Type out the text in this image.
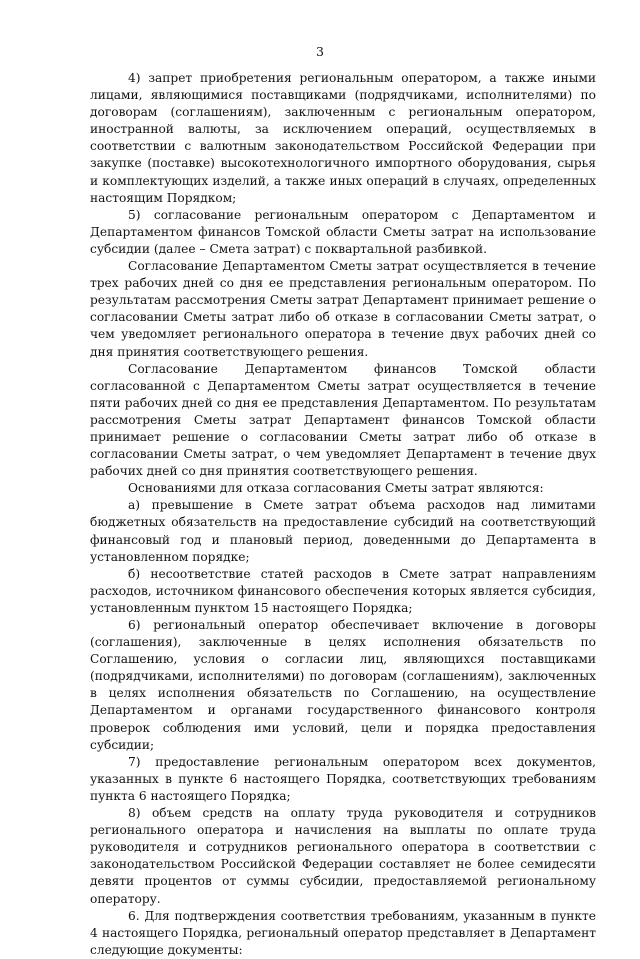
3

4) запрет приобретения региональным оператором, а также иными лицами, являющимися поставщиками (подрядчиками, исполнителями) по договорам (соглашениям), заключенным с региональным оператором, иностранной валюты, за исключением операций, осуществляемых в соответствии с валютным законодательством Российской Федерации при закупке (поставке) высокотехнологичного импортного оборудования, сырья и комплектующих изделий, а также иных операций в случаях, определенных настоящим Порядком;

5) согласование региональным оператором с Департаментом и Департаментом финансов Томской области Сметы затрат на использование субсидии (далее – Смета затрат) с поквартальной разбивкой.

Согласование Департаментом Сметы затрат осуществляется в течение трех рабочих дней со дня ее представления региональным оператором. По результатам рассмотрения Сметы затрат Департамент принимает решение о согласовании Сметы затрат либо об отказе в согласовании Сметы затрат, о чем уведомляет регионального оператора в течение двух рабочих дней со дня принятия соответствующего решения.

Согласование Департаментом финансов Томской области согласованной с Департаментом Сметы затрат осуществляется в течение пяти рабочих дней со дня ее представления Департаментом. По результатам рассмотрения Сметы затрат Департамент финансов Томской области принимает решение о согласовании Сметы затрат либо об отказе в согласовании Сметы затрат, о чем уведомляет Департамент в течение двух рабочих дней со дня принятия соответствующего решения.

Основаниями для отказа согласования Сметы затрат являются:

а) превышение в Смете затрат объема расходов над лимитами бюджетных обязательств на предоставление субсидий на соответствующий финансовый год и плановый период, доведенными до Департамента в установленном порядке;

б) несоответствие статей расходов в Смете затрат направлениям расходов, источником финансового обеспечения которых является субсидия, установленным пунктом 15 настоящего Порядка;

6) региональный оператор обеспечивает включение в договоры (соглашения), заключенные в целях исполнения обязательств по Соглашению, условия о согласии лиц, являющихся поставщиками (подрядчиками, исполнителями) по договорам (соглашениям), заключенных в целях исполнения обязательств по Соглашению, на осуществление Департаментом и органами государственного финансового контроля проверок соблюдения ими условий, цели и порядка предоставления субсидии;

7) предоставление региональным оператором всех документов, указанных в пункте 6 настоящего Порядка, соответствующих требованиям пункта 6 настоящего Порядка;

8) объем средств на оплату труда руководителя и сотрудников регионального оператора и начисления на выплаты по оплате труда руководителя и сотрудников регионального оператора в соответствии с законодательством Российской Федерации составляет не более семидесяти девяти процентов от суммы субсидии, предоставляемой региональному оператору.

6. Для подтверждения соответствия требованиям, указанным в пункте 4 настоящего Порядка, региональный оператор представляет в Департамент следующие документы:
